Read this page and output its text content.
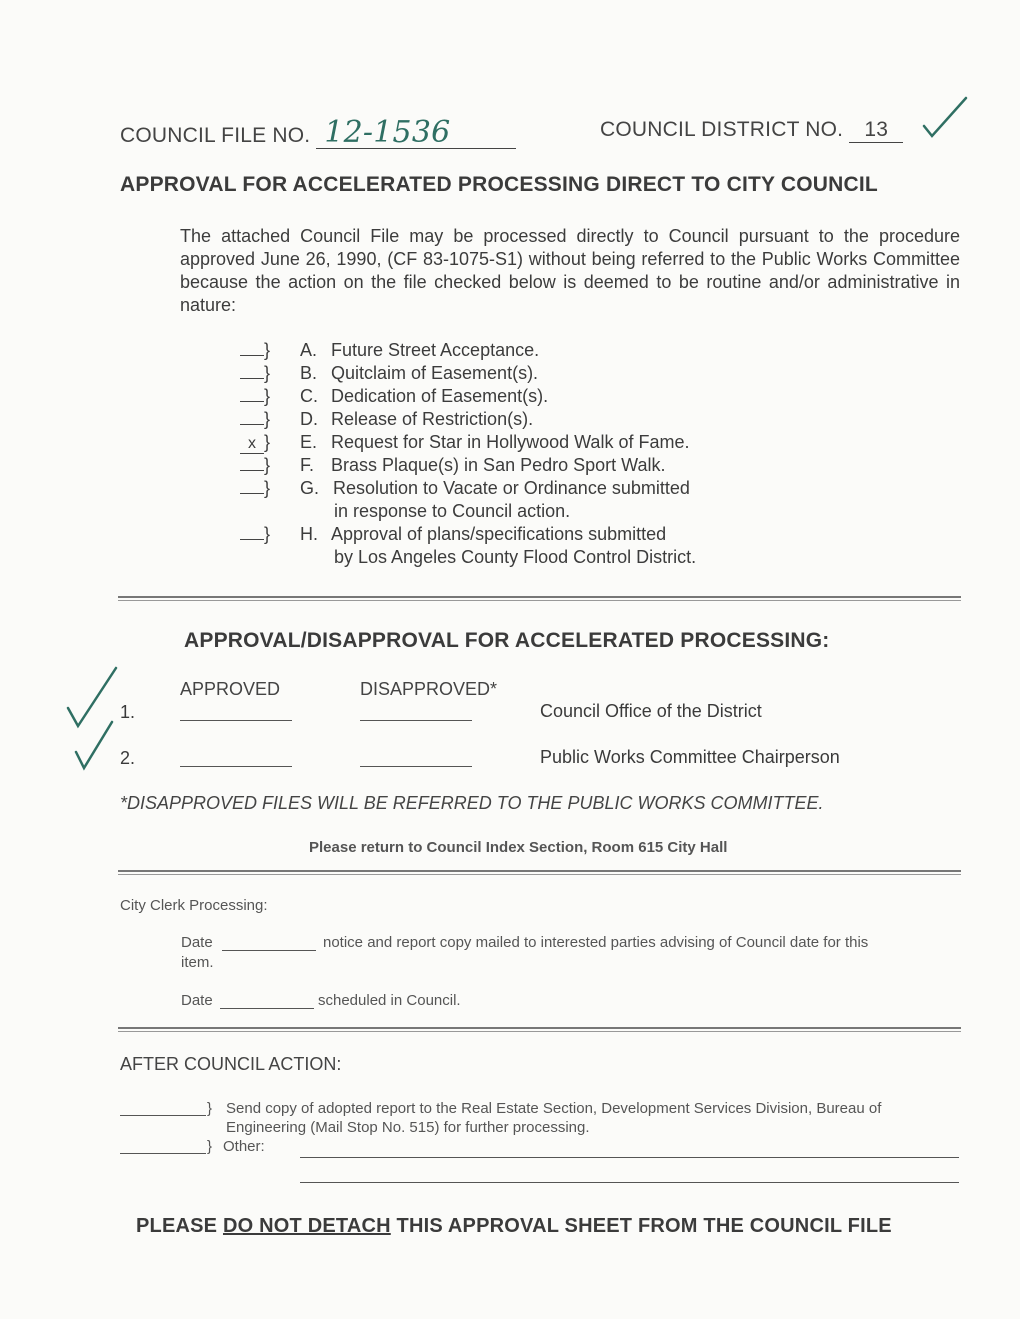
COUNCIL FILE NO. 12-1536	COUNCIL DISTRICT NO. 13
APPROVAL FOR ACCELERATED PROCESSING DIRECT TO CITY COUNCIL
The attached Council File may be processed directly to Council pursuant to the procedure approved June 26, 1990, (CF 83-1075-S1) without being referred to the Public Works Committee because the action on the file checked below is deemed to be routine and/or administrative in nature:
} A. Future Street Acceptance.
} B. Quitclaim of Easement(s).
} C. Dedication of Easement(s).
} D. Release of Restriction(s).
x } E. Request for Star in Hollywood Walk of Fame.
} F. Brass Plaque(s) in San Pedro Sport Walk.
} G. Resolution to Vacate or Ordinance submitted
in response to Council action.
} H. Approval of plans/specifications submitted
by Los Angeles County Flood Control District.
APPROVAL/DISAPPROVAL FOR ACCELERATED PROCESSING:
APPROVED	DISAPPROVED*
1.	Council Office of the District
2.	Public Works Committee Chairperson
*DISAPPROVED FILES WILL BE REFERRED TO THE PUBLIC WORKS COMMITTEE.
Please return to Council Index Section, Room 615 City Hall
City Clerk Processing:
Date	notice and report copy mailed to interested parties advising of Council date for this
item.
Date	scheduled in Council.
AFTER COUNCIL ACTION:
} Send copy of adopted report to the Real Estate Section, Development Services Division, Bureau of
Engineering (Mail Stop No. 515) for further processing.
} Other:
PLEASE DO NOT DETACH THIS APPROVAL SHEET FROM THE COUNCIL FILE
